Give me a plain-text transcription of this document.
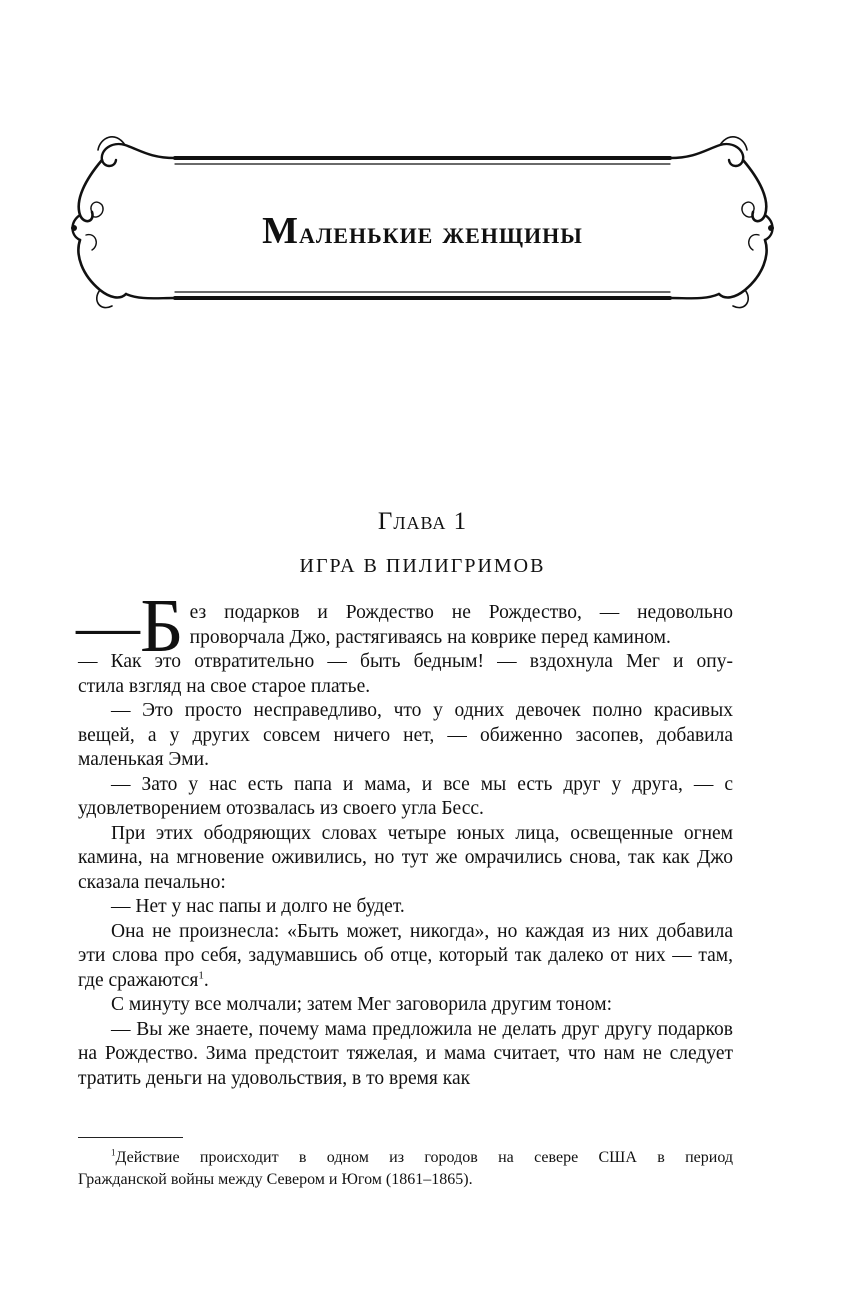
Маленькие женщины
Глава 1
ИГРА В ПИЛИГРИМОВ

—Б ез подарков и Рождество не Рождество, — недовольно
проворчала Джо, растягиваясь на коврике перед камином.

— Как это отвратительно — быть бедным! — вздохнула Мег и опу-
стила взгляд на свое старое платье.

— Это просто несправедливо, что у одних девочек полно красивых вещей, а у других совсем ничего нет, — обиженно засопев, добавила маленькая Эми.

— Зато у нас есть папа и мама, и все мы есть друг у друга, — с удовлетворением отозвалась из своего угла Бесс.

При этих ободряющих словах четыре юных лица, освещенные огнем камина, на мгновение оживились, но тут же омрачились снова, так как Джо сказала печально:

— Нет у нас папы и долго не будет.

Она не произнесла: «Быть может, никогда», но каждая из них добавила эти слова про себя, задумавшись об отце, который так далеко от них — там, где сражаются$^1$.

С минуту все молчали; затем Мег заговорила другим тоном:

— Вы же знаете, почему мама предложила не делать друг другу подарков на Рождество. Зима предстоит тяжелая, и мама считает, что нам не следует тратить деньги на удовольствия, в то время как

$^1$Действие происходит в одном из городов на севере США в период
Гражданской войны между Севером и Югом (1861–1865).
